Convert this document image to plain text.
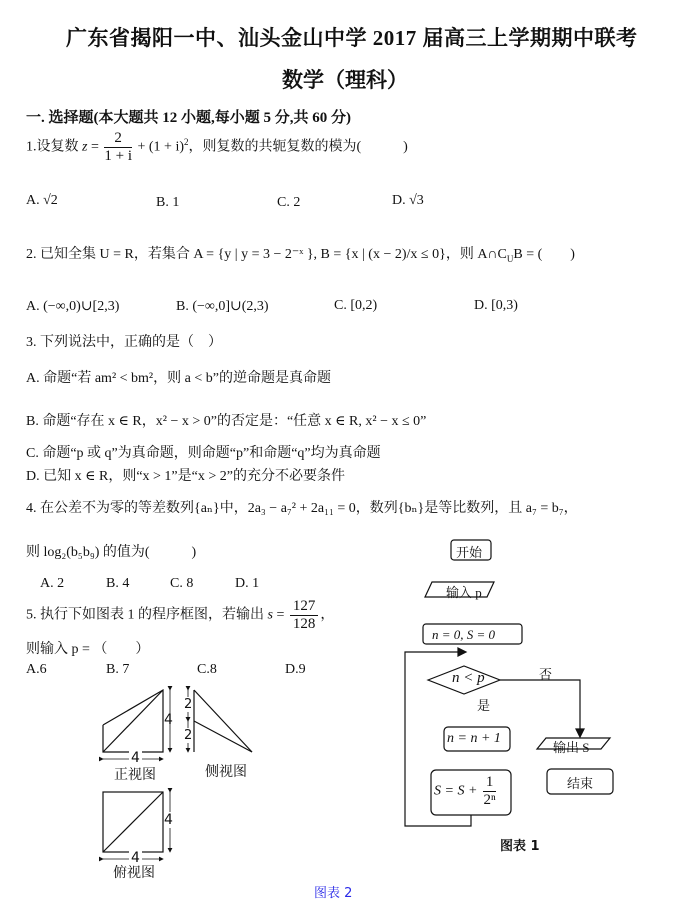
广东省揭阳一中、汕头金山中学 2017 届高三上学期期中联考
数学（理科）
一. 选择题(本大题共 12 小题,每小题 5 分,共 60 分)
1.设复数 $z = \frac{2}{1 + i} + (1 + i)^2$，则复数的共轭复数的模为(　　　)
A. √2	B. 1	C. 2	D. √3
2. 已知全集 U = R，若集合 A = {y | y = 3 − 2⁻ˣ }, B = {x | (x − 2)/x ≤ 0}，则 $A\cap C_UB$ = (　　)
A. (−∞,0)∪[2,3)	B. (−∞,0]∪(2,3)	C. [0,2)	D. [0,3)
3. 下列说法中，正确的是（　）
A. 命题“若 am² < bm²，则 a < b”的逆命题是真命题
B. 命题“存在 x ∈ R，x² − x > 0”的否定是：“任意 x ∈ R, x² − x ≤ 0”
C. 命题“p 或 q”为真命题，则命题“p”和命题“q”均为真命题
D. 已知 x ∈ R，则“x > 1”是“x > 2”的充分不必要条件
4. 在公差不为零的等差数列{aₙ}中，2a₃ − a₇² + 2a₁₁ = 0，数列{bₙ}是等比数列，且 a₇ = b₇，
则 log₂(b₅b₉) 的值为(　　　)
A. 2	B. 4	C. 8	D. 1
5. 执行下如图表 1 的程序框图，若输出 $s = \frac{127}{128}$ ，
则输入 p = （　　）
A.6	B. 7	C.8	D.9
4
4
正视图
2
2
侧视图
4
4
俯视图
图表 2
开始
输入 p
n = 0, S = 0
n < p	否
是
n = n + 1
$S = S + \frac{1}{\text{2ⁿ}}$
输出 S
结束
图表 1
